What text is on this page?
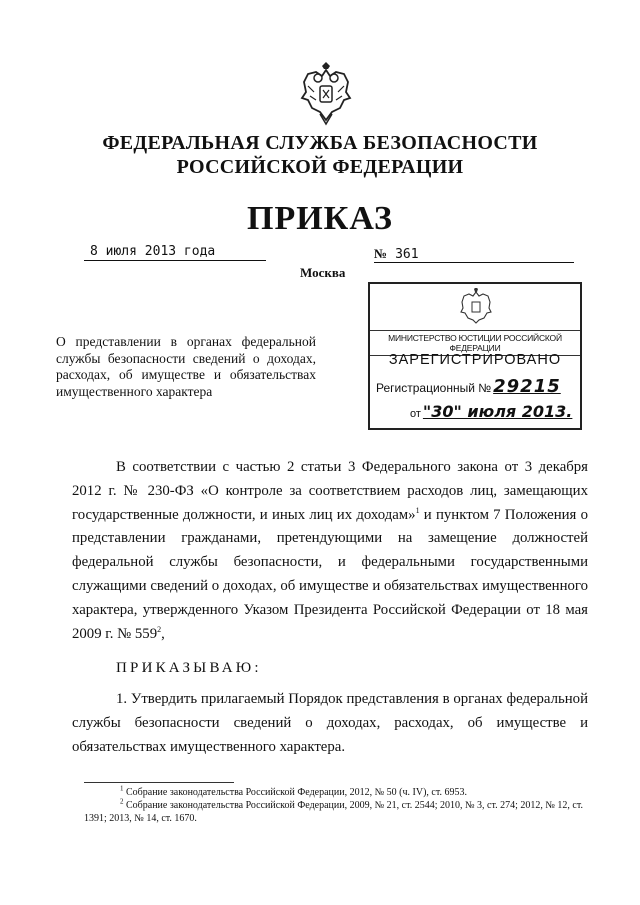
ФЕДЕРАЛЬНАЯ СЛУЖБА БЕЗОПАСНОСТИ
РОССИЙСКОЙ ФЕДЕРАЦИИ
ПРИКАЗ
8 июля 2013 года
Москва
№ 361
МИНИСТЕРСТВО ЮСТИЦИИ РОССИЙСКОЙ ФЕДЕРАЦИИ
ЗАРЕГИСТРИРОВАНО
Регистрационный № 29215
от "30" июля 2013.
О представлении в органах федеральной службы безопасности сведений о доходах, расходах, об имуществе и обязательствах имущественного характера
В соответствии с частью 2 статьи 3 Федерального закона от 3 декабря 2012 г. № 230-ФЗ «О контроле за соответствием расходов лиц, замещающих государственные должности, и иных лиц их доходам»$^1$ и пунктом 7 Положения о представлении гражданами, претендующими на замещение должностей федеральной службы безопасности, и федеральными государственными служащими сведений о доходах, об имуществе и обязательствах имущественного характера, утвержденного Указом Президента Российской Федерации от 18 мая 2009 г. № $559^2$,
ПРИКАЗЫВАЮ:
1. Утвердить прилагаемый Порядок представления в органах федеральной службы безопасности сведений о доходах, расходах, об имуществе и обязательствах имущественного характера.
$^1$ Собрание законодательства Российской Федерации, 2012, № 50 (ч. IV), ст. 6953.
$^2$ Собрание законодательства Российской Федерации, 2009, № 21, ст. 2544; 2010, № 3, ст. 274; 2012, № 12, ст. 1391; 2013, № 14, ст. 1670.
